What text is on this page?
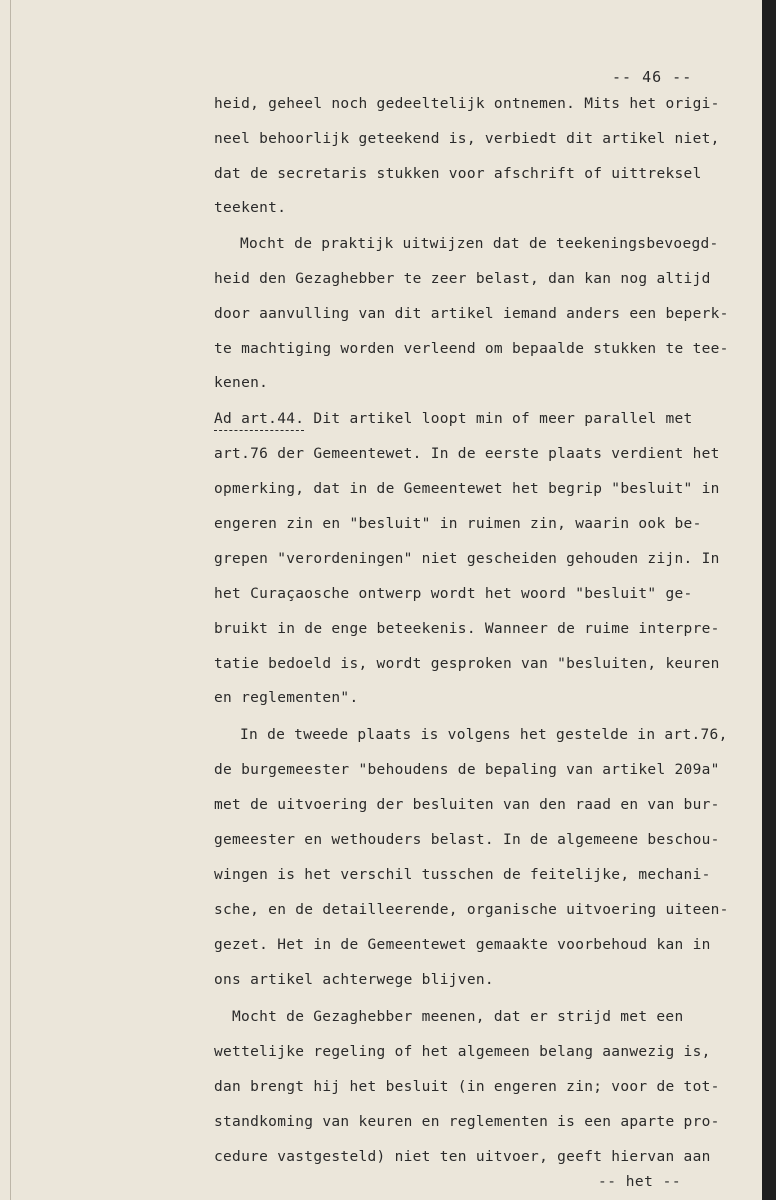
-- 46 --
heid, geheel noch gedeeltelijk ontnemen. Mits het origi-
neel behoorlijk geteekend is, verbiedt dit artikel niet,
dat de secretaris stukken voor afschrift of uittreksel
teekent.
Mocht de praktijk uitwijzen dat de teekeningsbevoegd-
heid den Gezaghebber te zeer belast, dan kan nog altijd
door aanvulling van dit artikel iemand anders een beperk-
te machtiging worden verleend om bepaalde stukken te tee-
kenen.
Ad art.44. Dit artikel loopt min of meer parallel met
art.76 der Gemeentewet. In de eerste plaats verdient het
opmerking, dat in de Gemeentewet het begrip "besluit" in
engeren zin en "besluit" in ruimen zin, waarin ook be-
grepen "verordeningen" niet gescheiden gehouden zijn. In
het Curaçaosche ontwerp wordt het woord "besluit" ge-
bruikt in de enge beteekenis. Wanneer de ruime interpre-
tatie bedoeld is, wordt gesproken van "besluiten, keuren
en reglementen".
In de tweede plaats is volgens het gestelde in art.76,
de burgemeester "behoudens de bepaling van artikel 209a"
met de uitvoering der besluiten van den raad en van bur-
gemeester en wethouders belast. In de algemeene beschou-
wingen is het verschil tusschen de feitelijke, mechani-
sche, en de detailleerende, organische uitvoering uiteen-
gezet. Het in de Gemeentewet gemaakte voorbehoud kan in
ons artikel achterwege blijven.
Mocht de Gezaghebber meenen, dat er strijd met een
wettelijke regeling of het algemeen belang aanwezig is,
dan brengt hij het besluit (in engeren zin; voor de tot-
standkoming van keuren en reglementen is een aparte pro-
cedure vastgesteld) niet ten uitvoer, geeft hiervan aan
-- het --
